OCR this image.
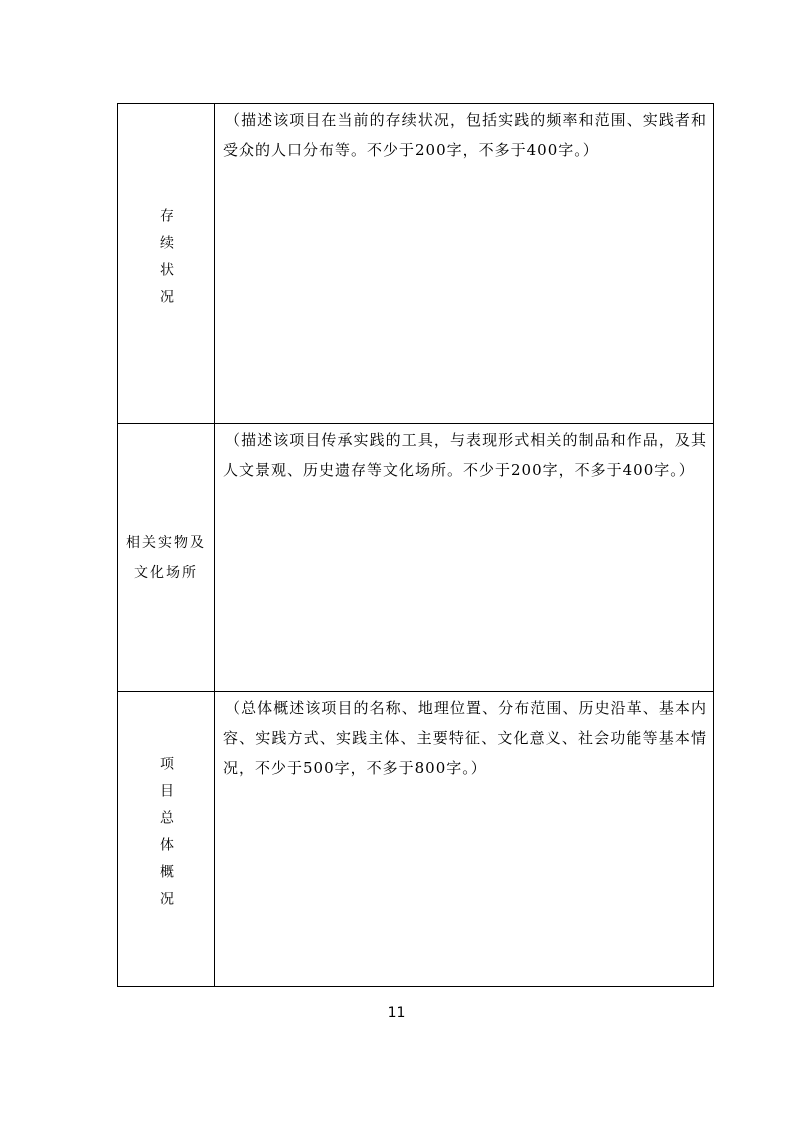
存续状况	（描述该项目在当前的存续状况，包括实践的频率和范围、实践者和受众的人口分布等。不少于200字，不多于400字。）
相关实物及文化场所	（描述该项目传承实践的工具，与表现形式相关的制品和作品，及其人文景观、历史遗存等文化场所。不少于200字，不多于400字。）
项目总体概况	（总体概述该项目的名称、地理位置、分布范围、历史沿革、基本内容、实践方式、实践主体、主要特征、文化意义、社会功能等基本情况，不少于500字，不多于800字。）
11
